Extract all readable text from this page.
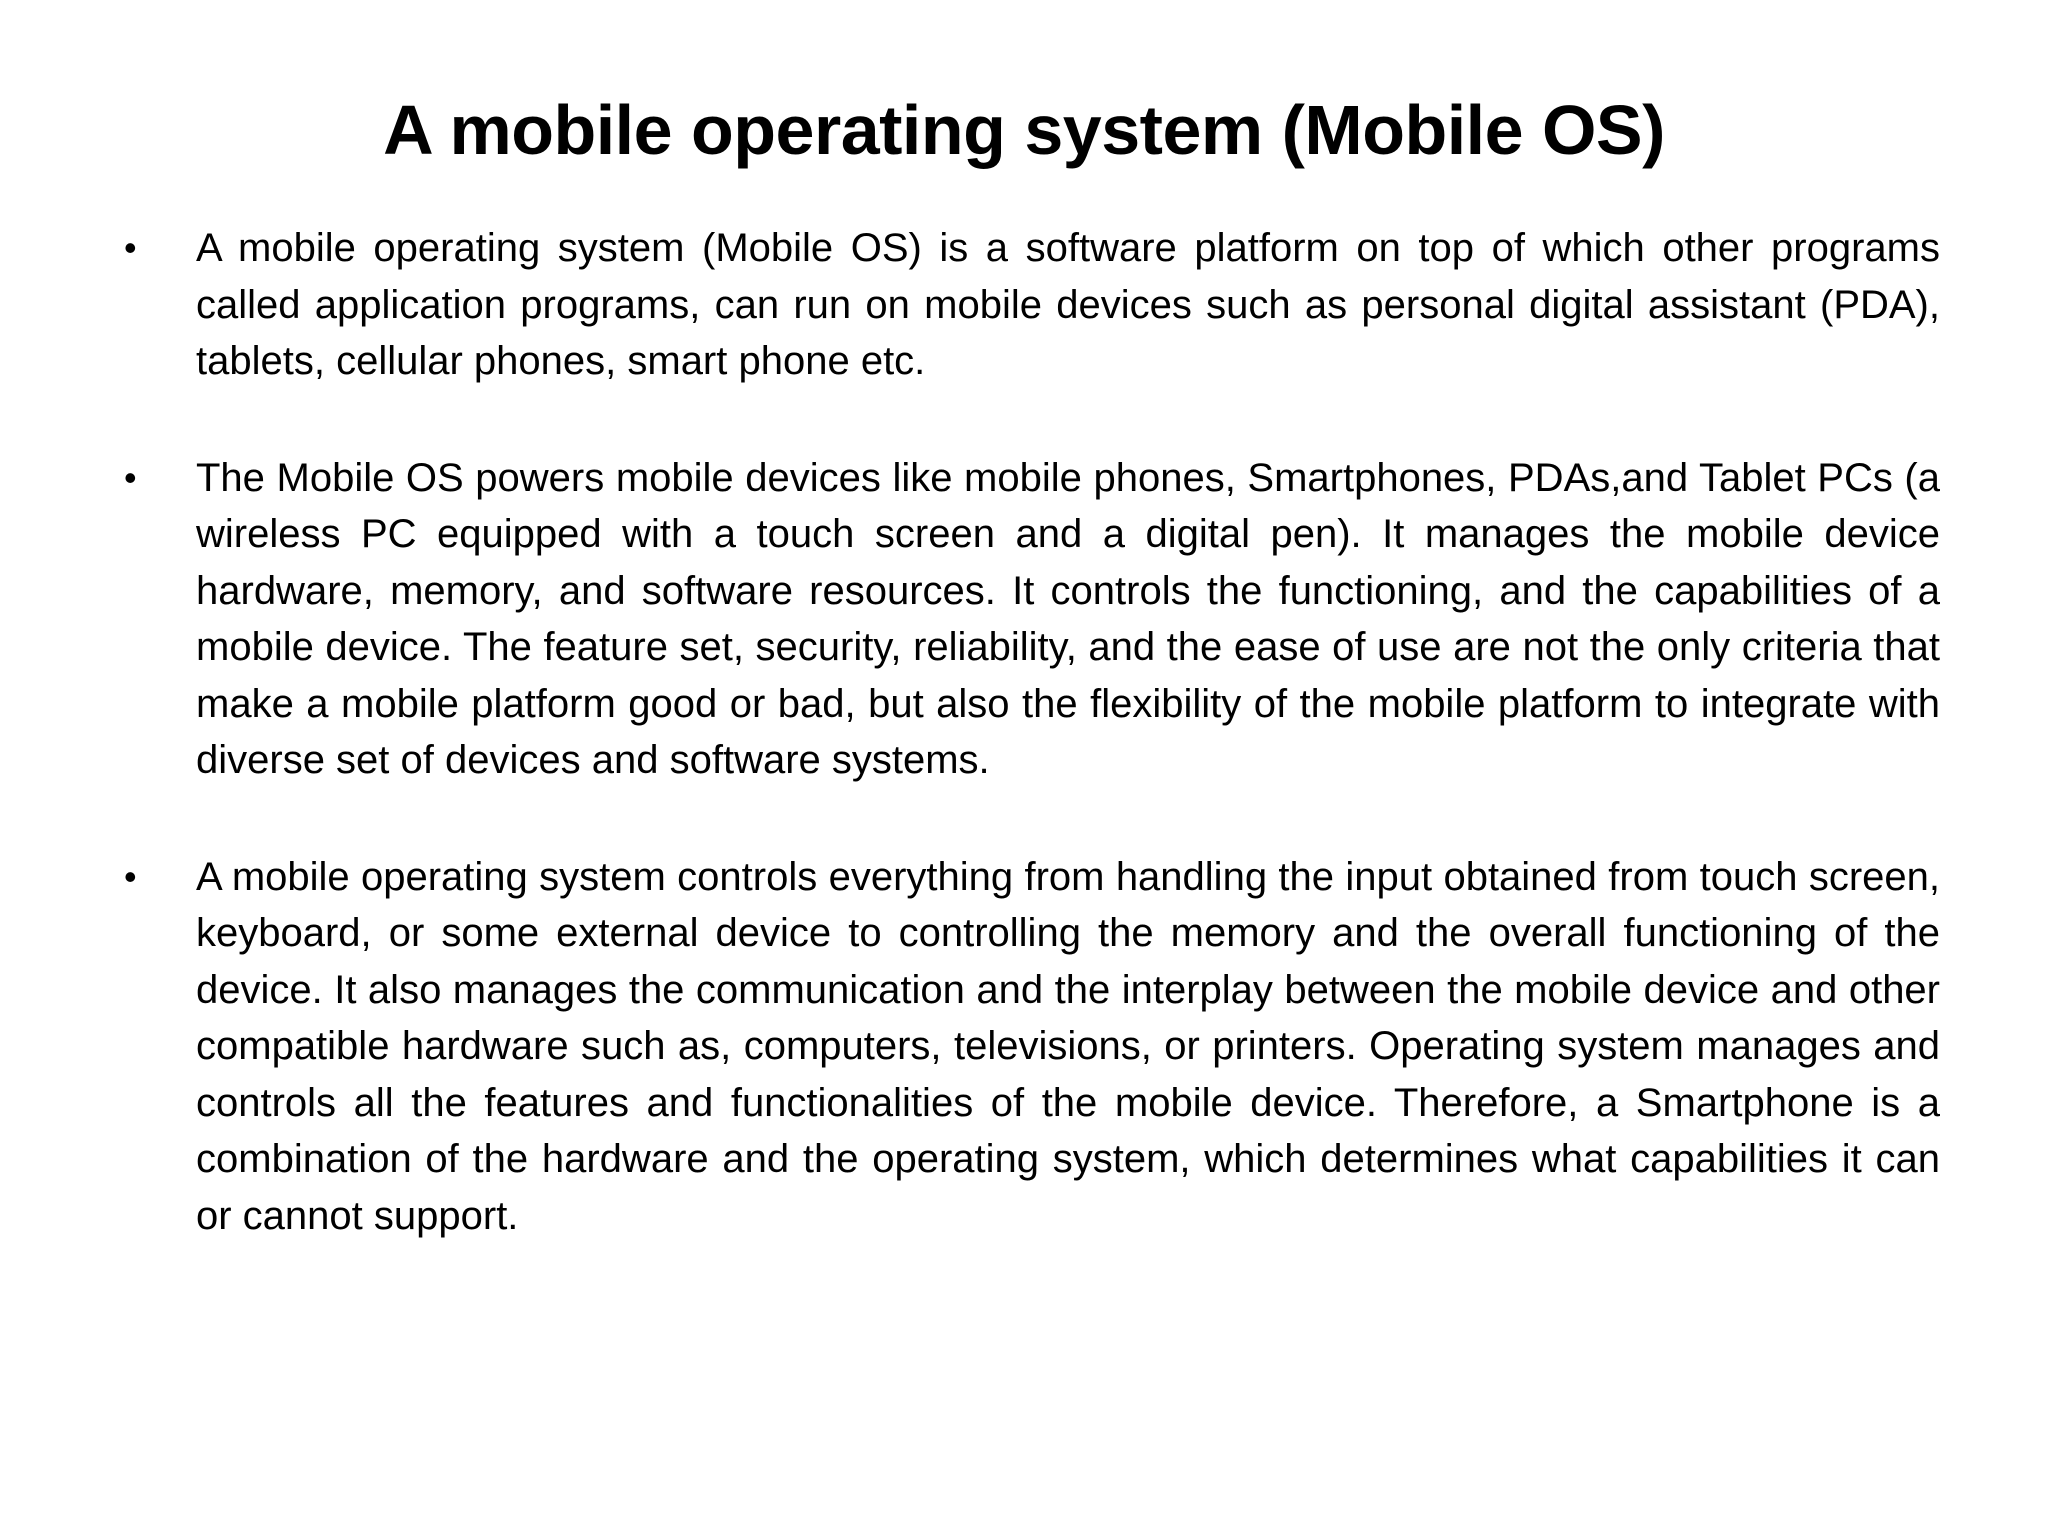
A mobile operating system (Mobile OS)
• A mobile operating system (Mobile OS) is a software platform on top of which other programs called application programs, can run on mobile devices such as personal digital assistant (PDA), tablets, cellular phones, smart phone etc.

• The Mobile OS powers mobile devices like mobile phones, Smartphones, PDAs,and Tablet PCs (a wireless PC equipped with a touch screen and a digital pen). It manages the mobile device hardware, memory, and software resources. It controls the functioning, and the capabilities of a mobile device. The feature set, security, reliability, and the ease of use are not the only criteria that make a mobile platform good or bad, but also the flexibility of the mobile platform to integrate with diverse set of devices and software systems.

• A mobile operating system controls everything from handling the input obtained from touch screen, keyboard, or some external device to controlling the memory and the overall functioning of the device. It also manages the communication and the interplay between the mobile device and other compatible hardware such as, computers, televisions, or printers. Operating system manages and controls all the features and functionalities of the mobile device. Therefore, a Smartphone is a combination of the hardware and the operating system, which determines what capabilities it can or cannot support.
